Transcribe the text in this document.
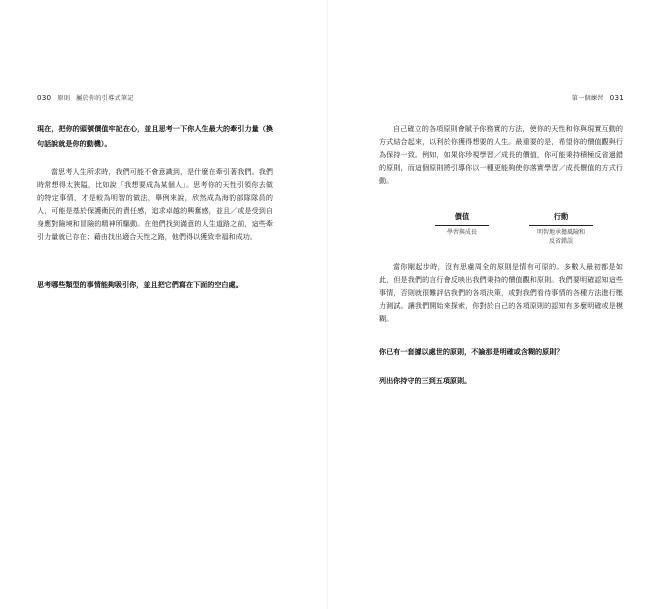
030 原則 屬於你的引導式筆記

現在，把你的頭號價值牢記在心，並且思考一下你人生最大的牽引力量（換句話說就是你的動機）。

當思考人生所求時，我們可能不會意識到，是什麼在牽引著我們。我們時常想得太狹隘，比如說「我想要成為某個人」。思考你的天性引領你去做的特定事情，才是較為明智的做法，舉例來說，欣然成為海豹部隊隊員的人，可能是基於保護衛民的責任感，追求卓越的興奮感，並且／或是受到自身應對險境和冒險的精神所驅動。在他們找到滿意的人生道路之前，這些牽引力量就已存在；藉由找出適合天性之路，他們得以獲致幸福和成功。

思考哪些類型的事情能夠吸引你，並且把它們寫在下面的空白處。

第一個練習 031

自己確立的各項原則會賦予你務實的方法，使你的天性和你與現實互動的方式結合起來，以利於你獲得想要的人生。最重要的是，希望你的價值觀與行為保持一致。例如，如果你珍視學習／成長的價值，你可能秉持積極反省過錯的原則，而這個原則將引導你以一種更能夠使你落實學習／成長價值的方式行動。

價值
學習與成長
行動
明智地承擔風險和
反省錯誤

當你剛起步時，沒有思慮周全的原則是情有可原的。多數人最初都是如此，但是我們的言行會反映出我們秉持的價值觀和原則。我們要明確認知這些事情，否則就很難評估我們的各項決策，或對我們看待事情的各種方法進行壓力測試。讓我們開始來探索，你對於自己的各項原則的認知有多麼明確或是模糊。

你已有一套據以處世的原則，不論那是明確或含糊的原則？

列出你持守的三到五項原則。
